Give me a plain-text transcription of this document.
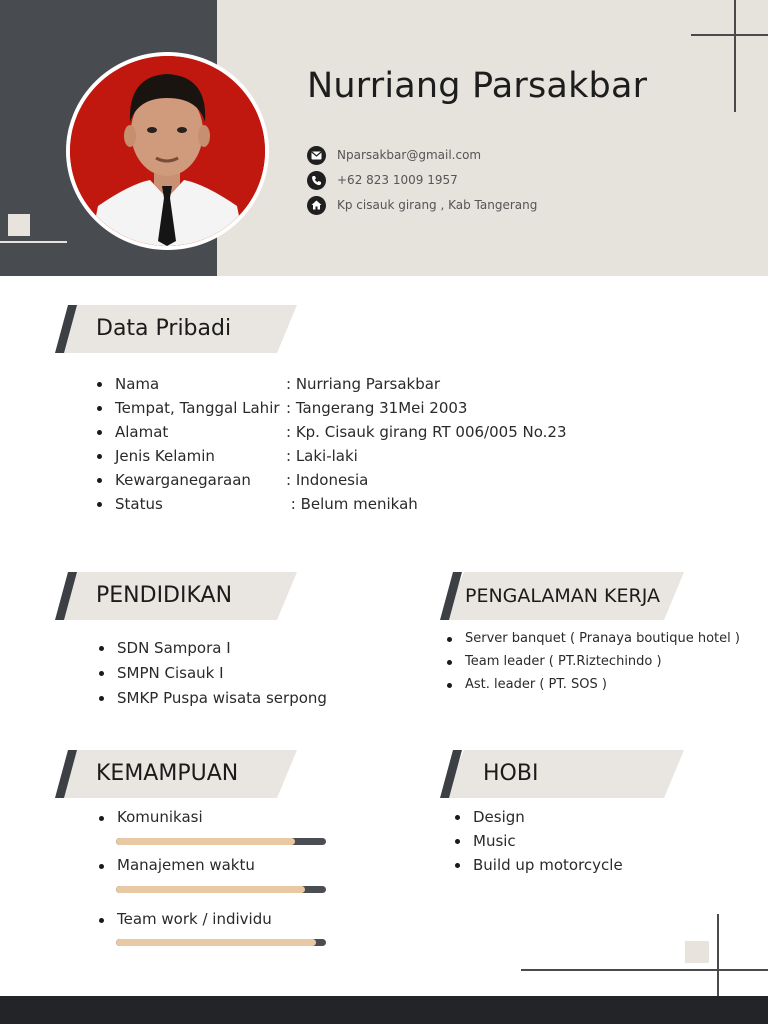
Nurriang Parsakbar
Nparsakbar@gmail.com
+62 823 1009 1957
Kp cisauk girang , Kab Tangerang
Data Pribadi
Nama	: Nurriang Parsakbar
Tempat, Tanggal Lahir : Tangerang 31Mei 2003
Alamat	: Kp. Cisauk girang RT 006/005 No.23
Jenis Kelamin	: Laki-laki
Kewarganegaraan : Indonesia
Status	: Belum menikah
PENDIDIKAN
SDN Sampora I
SMPN Cisauk I
SMKP Puspa wisata serpong
PENGALAMAN KERJA
Server banquet ( Pranaya boutique hotel )
Team leader ( PT.Riztechindo )
Ast. leader ( PT. SOS )
KEMAMPUAN
Komunikasi
Manajemen waktu
Team work / individu
HOBI
Design
Music
Build up motorcycle
